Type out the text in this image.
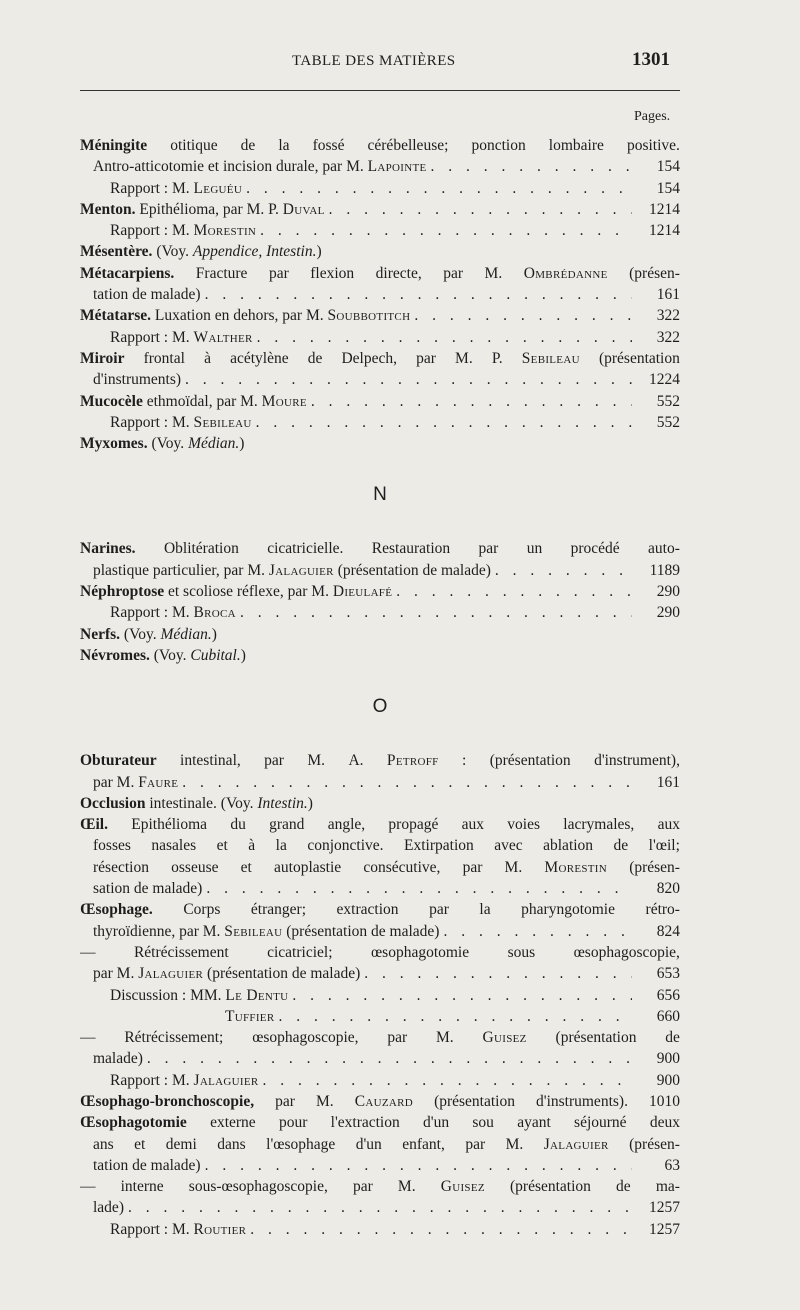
TABLE DES MATIÈRES	1301
Pages.
Méningite otitique de la fossé cérébelleuse; ponction lombaire positive.
Antro-atticotomie et incision durale, par M. Lapointe . . .	154
Rapport : M. Leguéu . . .	154
Menton. Epithélioma, par M. P. Duval . . .	1214
Rapport : M. Morestin . . .	1214
Mésentère. (Voy. Appendice, Intestin.)
Métacarpiens. Fracture par flexion directe, par M. Ombrédanne (présen-
tation de malade) . . .	161
Métatarse. Luxation en dehors, par M. Soubbotitch . . .	322
Rapport : M. Walther . . .	322
Miroir frontal à acétylène de Delpech, par M. P. Sebileau (présentation
d'instruments) . . .	1224
Mucocèle ethmoïdal, par M. Moure . . .	552
Rapport : M. Sebileau . . .	552
Myxomes. (Voy. Médian.)
N
Narines. Oblitération cicatricielle. Restauration par un procédé auto-
plastique particulier, par M. Jalaguier (présentation de malade) . . .	1189
Néphroptose et scoliose réflexe, par M. Dieulafé . . .	290
Rapport : M. Broca . . .	290
Nerfs. (Voy. Médian.)
Névromes. (Voy. Cubital.)
O
Obturateur intestinal, par M. A. Petroff : (présentation d'instrument),
par M. Faure . . .	161
Occlusion intestinale. (Voy. Intestin.)
Œil. Epithélioma du grand angle, propagé aux voies lacrymales, aux
fosses nasales et à la conjonctive. Extirpation avec ablation de l'œil;
résection osseuse et autoplastie consécutive, par M. Morestin (présen-
sation de malade) . . .	820
Œsophage. Corps étranger; extraction par la pharyngotomie rétro-
thyroïdienne, par M. Sebileau (présentation de malade) . . .	824
— Rétrécissement cicatriciel; œsophagotomie sous œsophagoscopie,
par M. Jalaguier (présentation de malade) . . .	653
Discussion : MM. Le Dentu . . .	656
Tuffier . . .	660
— Rétrécissement; œsophagoscopie, par M. Guisez (présentation de
malade) . . .	900
Rapport : M. Jalaguier . . .	900
Œsophago-bronchoscopie, par M. Cauzard (présentation d'instruments). 1010
Œsophagotomie externe pour l'extraction d'un sou ayant séjourné deux
ans et demi dans l'œsophage d'un enfant, par M. Jalaguier (présen-
tation de malade) . . .	63
— interne sous-œsophagoscopie, par M. Guisez (présentation de ma-
lade) . . .	1257
Rapport : M. Routier . . .	1257
